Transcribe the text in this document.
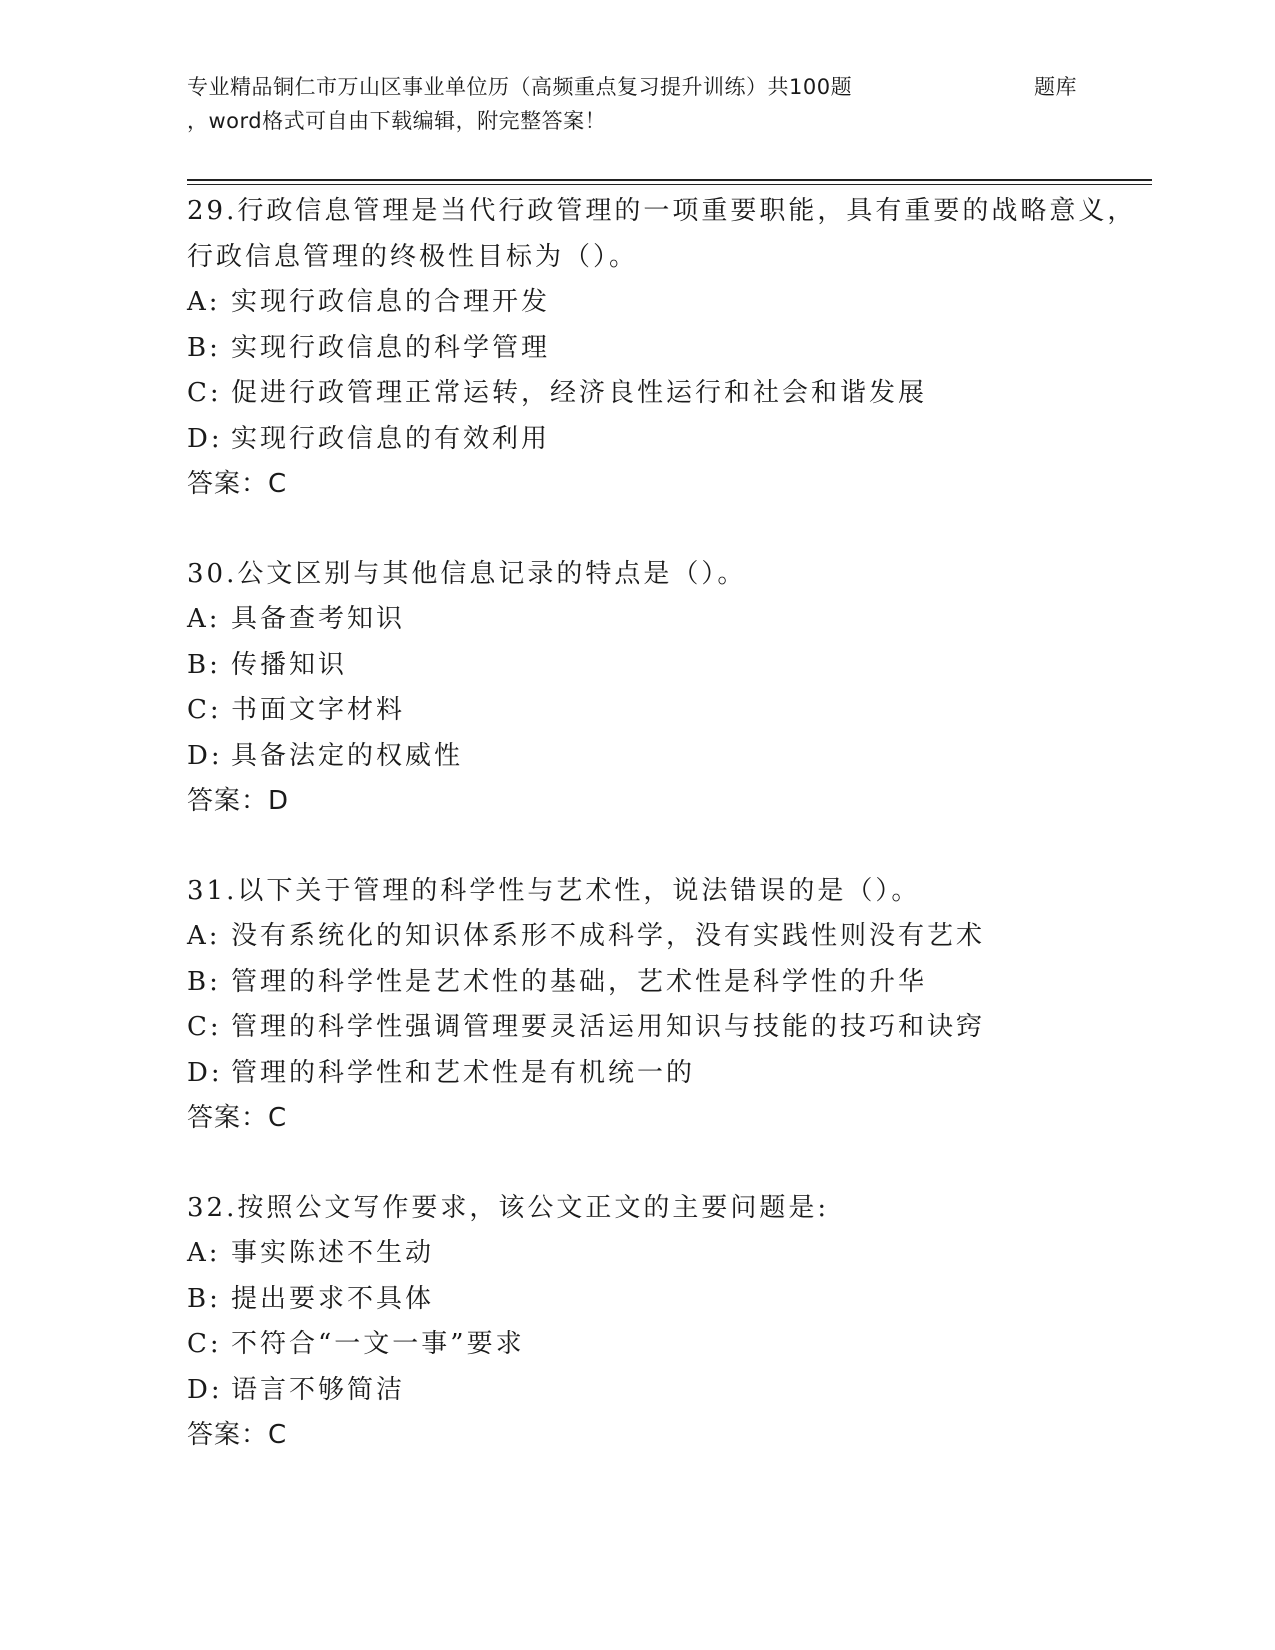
专业精品铜仁市万山区事业单位历（高频重点复习提升训练）共100题	题库
，word格式可自由下载编辑，附完整答案！
29.行政信息管理是当代行政管理的一项重要职能，具有重要的战略意义，行政信息管理的终极性目标为（）。
A: 实现行政信息的合理开发
B: 实现行政信息的科学管理
C: 促进行政管理正常运转，经济良性运行和社会和谐发展
D: 实现行政信息的有效利用
答案：C
30.公文区别与其他信息记录的特点是（）。
A: 具备查考知识
B: 传播知识
C: 书面文字材料
D: 具备法定的权威性
答案：D
31.以下关于管理的科学性与艺术性，说法错误的是（）。
A: 没有系统化的知识体系形不成科学，没有实践性则没有艺术
B: 管理的科学性是艺术性的基础，艺术性是科学性的升华
C: 管理的科学性强调管理要灵活运用知识与技能的技巧和诀窍
D: 管理的科学性和艺术性是有机统一的
答案：C
32.按照公文写作要求，该公文正文的主要问题是:
A: 事实陈述不生动
B: 提出要求不具体
C: 不符合“一文一事”要求
D: 语言不够简洁
答案：C
